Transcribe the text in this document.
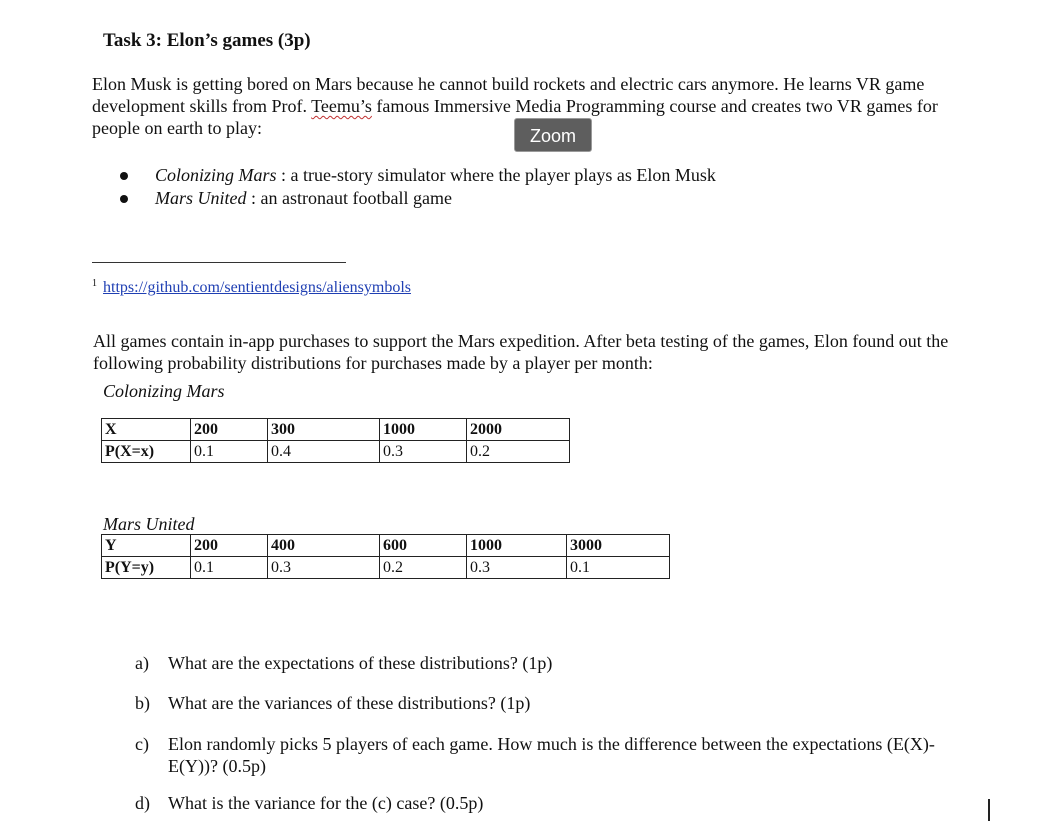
Task 3: Elon’s games (3p)
Elon Musk is getting bored on Mars because he cannot build rockets and electric cars anymore. He learns VR game development skills from Prof. Teemu’s famous Immersive Media Programming course and creates two VR games for people on earth to play:	Zoom
Colonizing Mars : a true-story simulator where the player plays as Elon Musk
Mars United : an astronaut football game
$^1$ https://github.com/sentientdesigns/aliensymbols
All games contain in-app purchases to support the Mars expedition. After beta testing of the games, Elon found out the following probability distributions for purchases made by a player per month:
Colonizing Mars
X	200	300	1000	2000
P(X=x)	0.1	0.4	0.3	0.2
Mars United
Y	200	400	600	1000	3000
P(Y=y)	0.1	0.3	0.2	0.3	0.1
a) What are the expectations of these distributions? (1p)
b) What are the variances of these distributions? (1p)
c) Elon randomly picks 5 players of each game. How much is the difference between the expectations (E(X)-E(Y))? (0.5p)
d) What is the variance for the (c) case? (0.5p)
